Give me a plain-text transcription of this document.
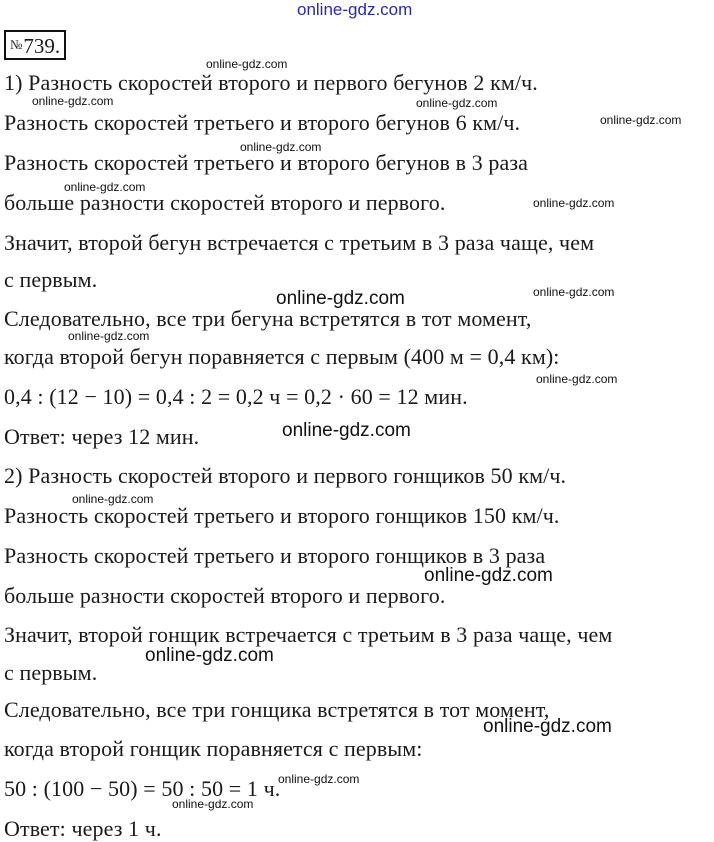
online-gdz.com
№739.
1) Разность скоростей второго и первого бегунов 2 км/ч.
Разность скоростей третьего и второго бегунов 6 км/ч.
Разность скоростей третьего и второго бегунов в 3 раза
больше разности скоростей второго и первого.
Значит, второй бегун встречается с третьим в 3 раза чаще, чем
с первым.
Следовательно, все три бегуна встретятся в тот момент,
когда второй бегун поравняется с первым (400 м = 0,4 км):
0,4 : (12 − 10) = 0,4 : 2 = 0,2 ч = 0,2 · 60 = 12 мин.
Ответ: через 12 мин.
2) Разность скоростей второго и первого гонщиков 50 км/ч.
Разность скоростей третьего и второго гонщиков 150 км/ч.
Разность скоростей третьего и второго гонщиков в 3 раза
больше разности скоростей второго и первого.
Значит, второй гонщик встречается с третьим в 3 раза чаще, чем
с первым.
Следовательно, все три гонщика встретятся в тот момент,
когда второй гонщик поравняется с первым:
50 : (100 − 50) = 50 : 50 = 1 ч.
Ответ: через 1 ч.
online-gdz.com
online-gdz.com	online-gdz.com
online-gdz.com
online-gdz.com
online-gdz.com
online-gdz.com
online-gdz.com
online-gdz.com
online-gdz.com
online-gdz.com
online-gdz.com
online-gdz.com
online-gdz.com
online-gdz.com
online-gdz.com
online-gdz.com
online-gdz.com
